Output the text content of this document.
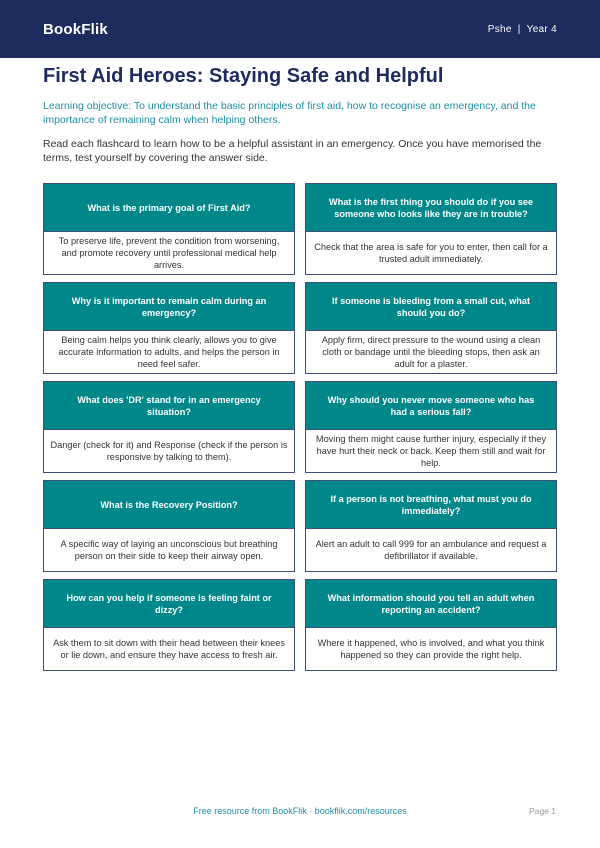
BookFlik	Pshe | Year 4
First Aid Heroes: Staying Safe and Helpful

Learning objective: To understand the basic principles of first aid, how to recognise an emergency, and the importance of remaining calm when helping others.

Read each flashcard to learn how to be a helpful assistant in an emergency. Once you have memorised the terms, test yourself by covering the answer side.

What is the primary goal of First Aid?
To preserve life, prevent the condition from worsening, and promote recovery until professional medical help arrives.
What is the first thing you should do if you see someone who looks like they are in trouble?
Check that the area is safe for you to enter, then call for a trusted adult immediately.
Why is it important to remain calm during an emergency?
Being calm helps you think clearly, allows you to give accurate information to adults, and helps the person in need feel safer.
If someone is bleeding from a small cut, what should you do?
Apply firm, direct pressure to the wound using a clean cloth or bandage until the bleeding stops, then ask an adult for a plaster.
What does 'DR' stand for in an emergency situation?
Danger (check for it) and Response (check if the person is responsive by talking to them).
Why should you never move someone who has had a serious fall?
Moving them might cause further injury, especially if they have hurt their neck or back. Keep them still and wait for help.
What is the Recovery Position?
A specific way of laying an unconscious but breathing person on their side to keep their airway open.
If a person is not breathing, what must you do immediately?
Alert an adult to call 999 for an ambulance and request a defibrillator if available.
How can you help if someone is feeling faint or dizzy?
Ask them to sit down with their head between their knees or lie down, and ensure they have access to fresh air.
What information should you tell an adult when reporting an accident?
Where it happened, who is involved, and what you think happened so they can provide the right help.
Free resource from BookFlik · bookflik.com/resources	Page 1
